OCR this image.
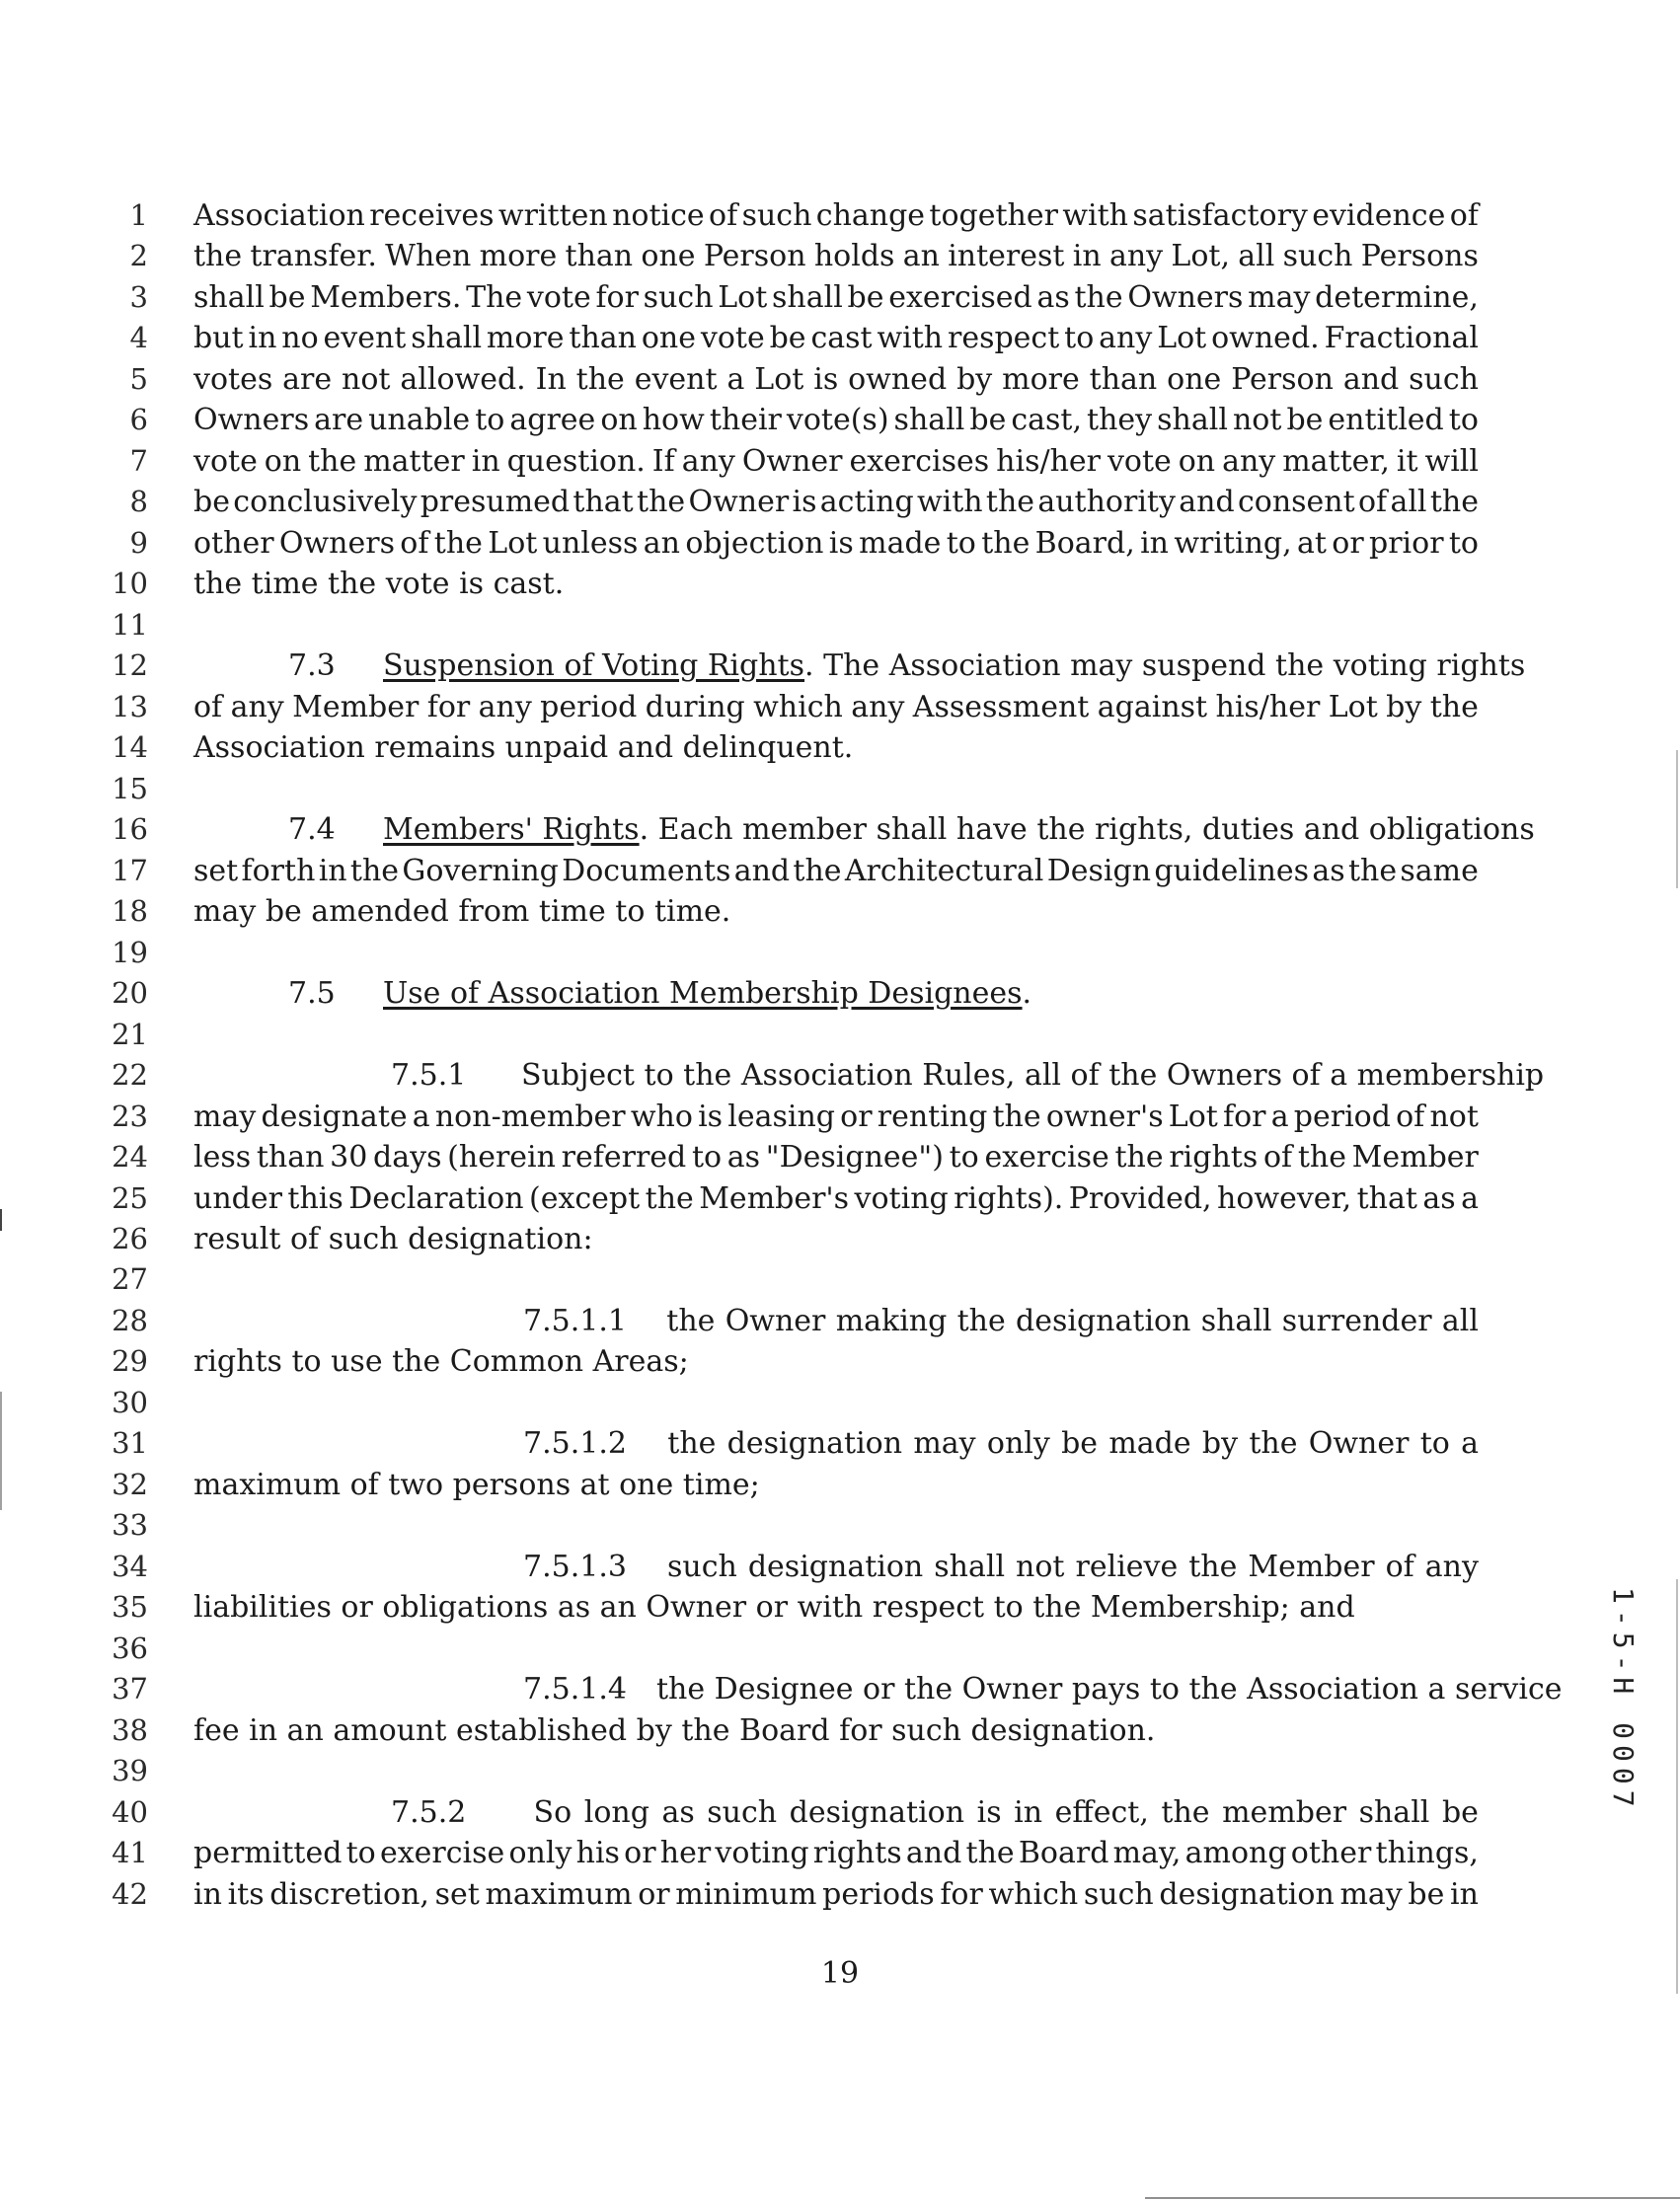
1 Association receives written notice of such change together with satisfactory evidence of
2 the transfer. When more than one Person holds an interest in any Lot, all such Persons
3 shall be Members. The vote for such Lot shall be exercised as the Owners may determine,
4 but in no event shall more than one vote be cast with respect to any Lot owned. Fractional
5 votes are not allowed. In the event a Lot is owned by more than one Person and such
6 Owners are unable to agree on how their vote(s) shall be cast, they shall not be entitled to
7 vote on the matter in question. If any Owner exercises his/her vote on any matter, it will
8 be conclusively presumed that the Owner is acting with the authority and consent of all the
9 other Owners of the Lot unless an objection is made to the Board, in writing, at or prior to
10 the time the vote is cast.
11
12	7.3 Suspension of Voting Rights. The Association may suspend the voting rights
13 of any Member for any period during which any Assessment against his/her Lot by the
14 Association remains unpaid and delinquent.
15
16	7.4 Members' Rights. Each member shall have the rights, duties and obligations
17 set forth in the Governing Documents and the Architectural Design guidelines as the same
18 may be amended from time to time.
19
20	7.5 Use of Association Membership Designees.
21
22	7.5.1 Subject to the Association Rules, all of the Owners of a membership
23 may designate a non-member who is leasing or renting the owner's Lot for a period of not
24 less than 30 days (herein referred to as "Designee") to exercise the rights of the Member
25 under this Declaration (except the Member's voting rights). Provided, however, that as a
26 result of such designation:
27
28	7.5.1.1	the Owner making the designation shall surrender all
29 rights to use the Common Areas;
30
31	7.5.1.2	the designation may only be made by the Owner to a
32 maximum of two persons at one time;
33
34	7.5.1.3	such designation shall not relieve the Member of any
35 liabilities or obligations as an Owner or with respect to the Membership; and
36
37	7.5.1.4 the Designee or the Owner pays to the Association a service
38 fee in an amount established by the Board for such designation.
39
40	7.5.2	So long as such designation is in effect, the member shall be
41 permitted to exercise only his or her voting rights and the Board may, among other things,
42 in its discretion, set maximum or minimum periods for which such designation may be in
19
1-5-H 0007
